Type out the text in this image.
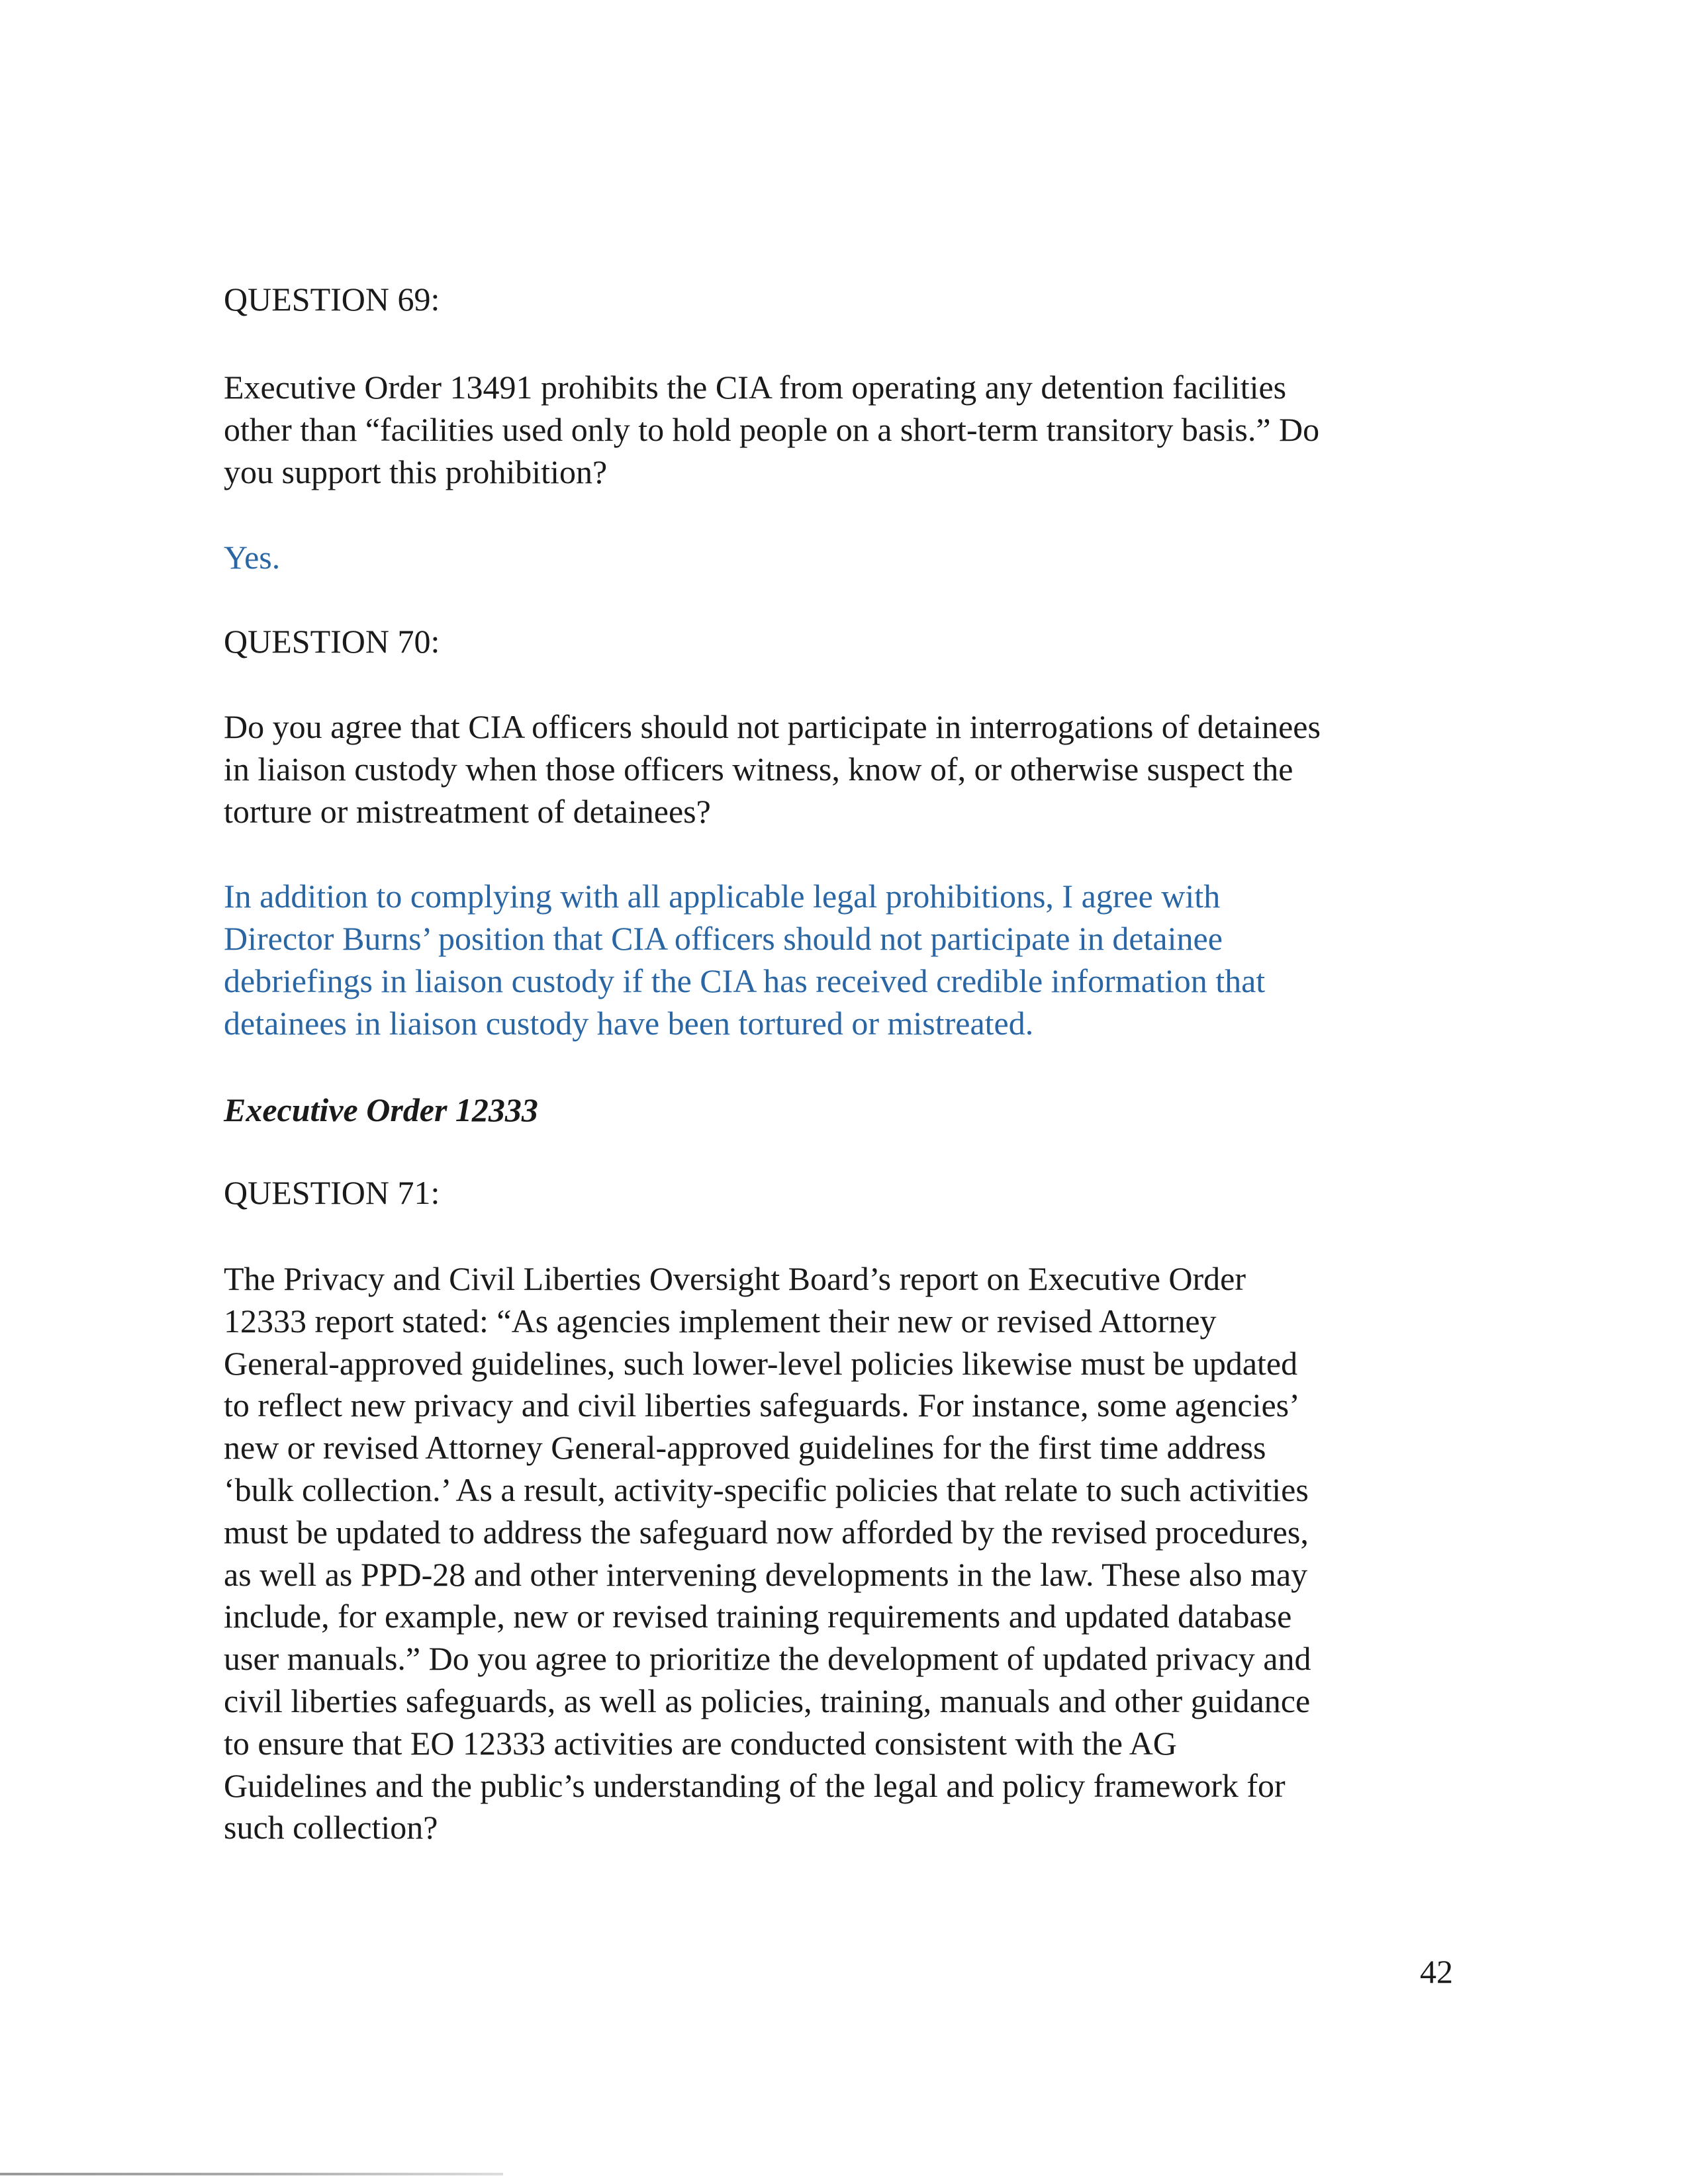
QUESTION 69:
Executive Order 13491 prohibits the CIA from operating any detention facilities
other than “facilities used only to hold people on a short-term transitory basis.” Do
you support this prohibition?
Yes.
QUESTION 70:
Do you agree that CIA officers should not participate in interrogations of detainees
in liaison custody when those officers witness, know of, or otherwise suspect the
torture or mistreatment of detainees?
In addition to complying with all applicable legal prohibitions, I agree with
Director Burns’ position that CIA officers should not participate in detainee
debriefings in liaison custody if the CIA has received credible information that
detainees in liaison custody have been tortured or mistreated.
Executive Order 12333
QUESTION 71:
The Privacy and Civil Liberties Oversight Board’s report on Executive Order
12333 report stated: “As agencies implement their new or revised Attorney
General-approved guidelines, such lower-level policies likewise must be updated
to reflect new privacy and civil liberties safeguards. For instance, some agencies’
new or revised Attorney General-approved guidelines for the first time address
‘bulk collection.’ As a result, activity-specific policies that relate to such activities
must be updated to address the safeguard now afforded by the revised procedures,
as well as PPD-28 and other intervening developments in the law. These also may
include, for example, new or revised training requirements and updated database
user manuals.” Do you agree to prioritize the development of updated privacy and
civil liberties safeguards, as well as policies, training, manuals and other guidance
to ensure that EO 12333 activities are conducted consistent with the AG
Guidelines and the public’s understanding of the legal and policy framework for
such collection?
42
